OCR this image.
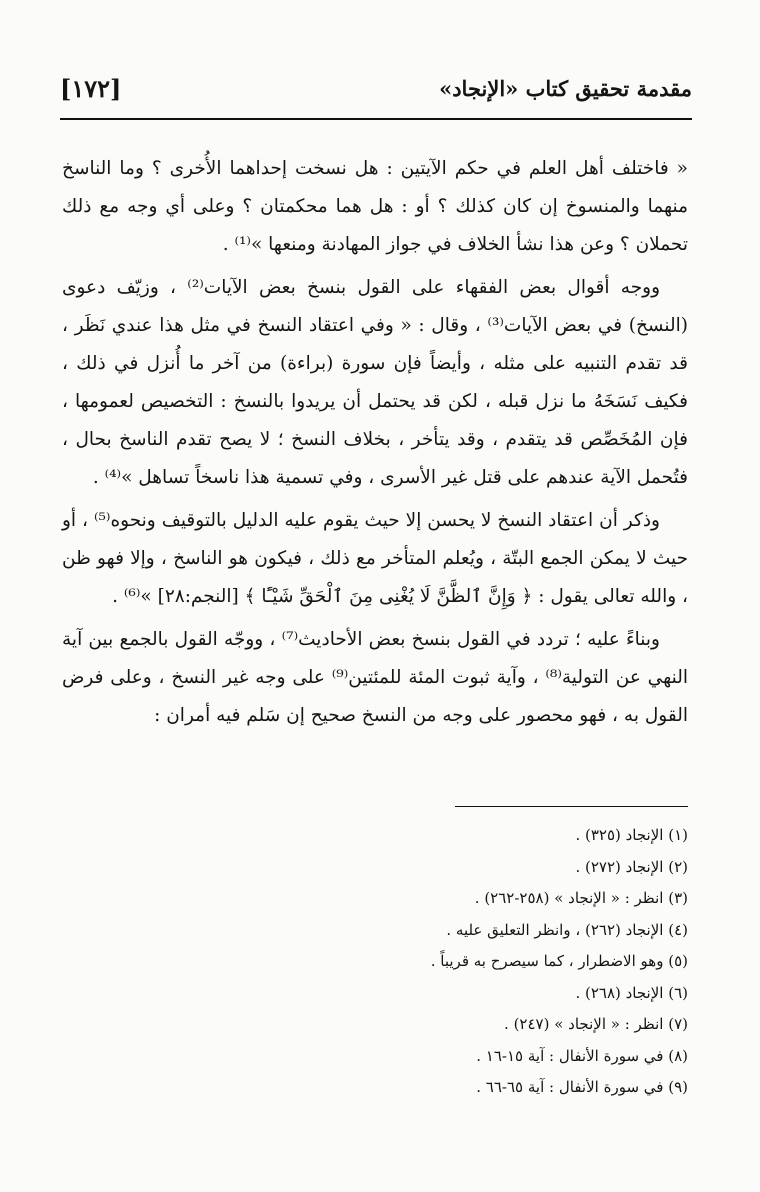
مقدمة تحقيق كتاب «الإنجاد»
[١٧٢]

« فاختلف أهل العلم في حكم الآيتين : هل نسخت إحداهما الأُخرى ؟ وما الناسخ منهما والمنسوخ إن كان كذلك ؟ أو : هل هما محكمتان ؟ وعلى أي وجه مع ذلك تحملان ؟ وعن هذا نشأ الخلاف في جواز المهادنة ومنعها »⁽¹⁾ .

ووجه أقوال بعض الفقهاء على القول بنسخ بعض الآيات⁽²⁾ ، وزيّف دعوى (النسخ) في بعض الآيات⁽³⁾ ، وقال : « وفي اعتقاد النسخ في مثل هذا عندي نَظَر ، قد تقدم التنبيه على مثله ، وأيضاً فإن سورة (براءة) من آخر ما أُنزل في ذلك ، فكيف نَسَخَهُ ما نزل قبله ، لكن قد يحتمل أن يريدوا بالنسخ : التخصيص لعمومها ، فإن المُخَصِّص قد يتقدم ، وقد يتأخر ، بخلاف النسخ ؛ لا يصح تقدم الناسخ بحال ، فتُحمل الآية عندهم على قتل غير الأسرى ، وفي تسمية هذا ناسخاً تساهل »⁽⁴⁾ .

وذكر أن اعتقاد النسخ لا يحسن إلا حيث يقوم عليه الدليل بالتوقيف ونحوه⁽⁵⁾ ، أو حيث لا يمكن الجمع البتّة ، ويُعلم المتأخر مع ذلك ، فيكون هو الناسخ ، وإلا فهو ظن ، والله تعالى يقول : ﴿ وَإِنَّ ٱلظَّنَّ لَا يُغْنِى مِنَ ٱلْحَقِّ شَيْـًٔا ﴾ [النجم:٢٨] »⁽⁶⁾ .

وبناءً عليه ؛ تردد في القول بنسخ بعض الأحاديث⁽⁷⁾ ، ووجّه القول بالجمع بين آية النهي عن التولية⁽⁸⁾ ، وآية ثبوت المئة للمئتين⁽⁹⁾ على وجه غير النسخ ، وعلى فرض القول به ، فهو محصور على وجه من النسخ صحيح إن سَلم فيه أمران :

(١) الإنجاد (٣٢٥) .
(٢) الإنجاد (٢٧٢) .
(٣) انظر : « الإنجاد » (٢٥٨-٢٦٢) .
(٤) الإنجاد (٢٦٢) ، وانظر التعليق عليه .
(٥) وهو الاضطرار ، كما سيصرح به قريباً .
(٦) الإنجاد (٢٦٨) .
(٧) انظر : « الإنجاد » (٢٤٧) .
(٨) في سورة الأنفال : آية ١٥-١٦ .
(٩) في سورة الأنفال : آية ٦٥-٦٦ .
